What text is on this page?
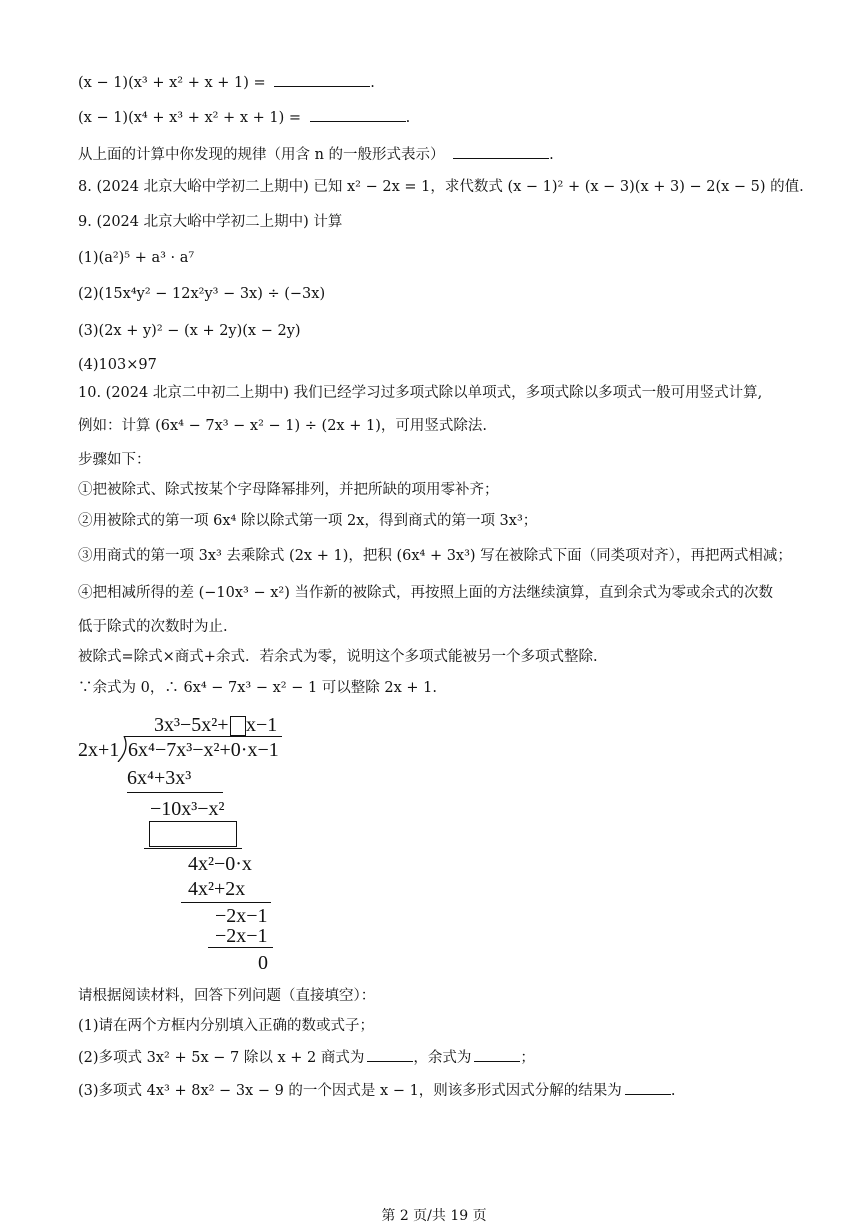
(x − 1)(x³ + x² + x + 1) =	.
(x − 1)(x⁴ + x³ + x² + x + 1) =	.
从上面的计算中你发现的规律（用含 n 的一般形式表示）	.
8. (2024 北京大峪中学初二上期中) 已知 x² − 2x = 1，求代数式 (x − 1)² + (x − 3)(x + 3) − 2(x − 5) 的值.
9. (2024 北京大峪中学初二上期中) 计算
(1)(a²)⁵ + a³ · a⁷
(2)(15x⁴y² − 12x²y³ − 3x) ÷ (−3x)
(3)(2x + y)² − (x + 2y)(x − 2y)
(4)103×97
10. (2024 北京二中初二上期中) 我们已经学习过多项式除以单项式，多项式除以多项式一般可用竖式计算,
例如：计算 (6x⁴ − 7x³ − x² − 1) ÷ (2x + 1)，可用竖式除法.
步骤如下：
①把被除式、除式按某个字母降幂排列，并把所缺的项用零补齐；
②用被除式的第一项 6x⁴ 除以除式第一项 2x，得到商式的第一项 3x³；
③用商式的第一项 3x³ 去乘除式 (2x + 1)，把积 (6x⁴ + 3x³) 写在被除式下面（同类项对齐），再把两式相减；
④把相减所得的差 (−10x³ − x²) 当作新的被除式，再按照上面的方法继续演算，直到余式为零或余式的次数
低于除式的次数时为止.
被除式=除式×商式+余式．若余式为零，说明这个多项式能被另一个多项式整除.
∵余式为 0，∴ 6x⁴ − 7x³ − x² − 1 可以整除 2x + 1.
3x³−5x²+ x−1
2x+1 6x⁴−7x³−x²+0·x−1
6x⁴+3x³
−10x³−x²
4x²−0·x
4x²+2x
−2x−1
−2x−1
0
请根据阅读材料，回答下列问题（直接填空）：
(1)请在两个方框内分别填入正确的数或式子；
(2)多项式 3x² + 5x − 7 除以 x + 2 商式为	，余式为	；
(3)多项式 4x³ + 8x² − 3x − 9 的一个因式是 x − 1，则该多形式因式分解的结果为	.
第 2 页/共 19 页
